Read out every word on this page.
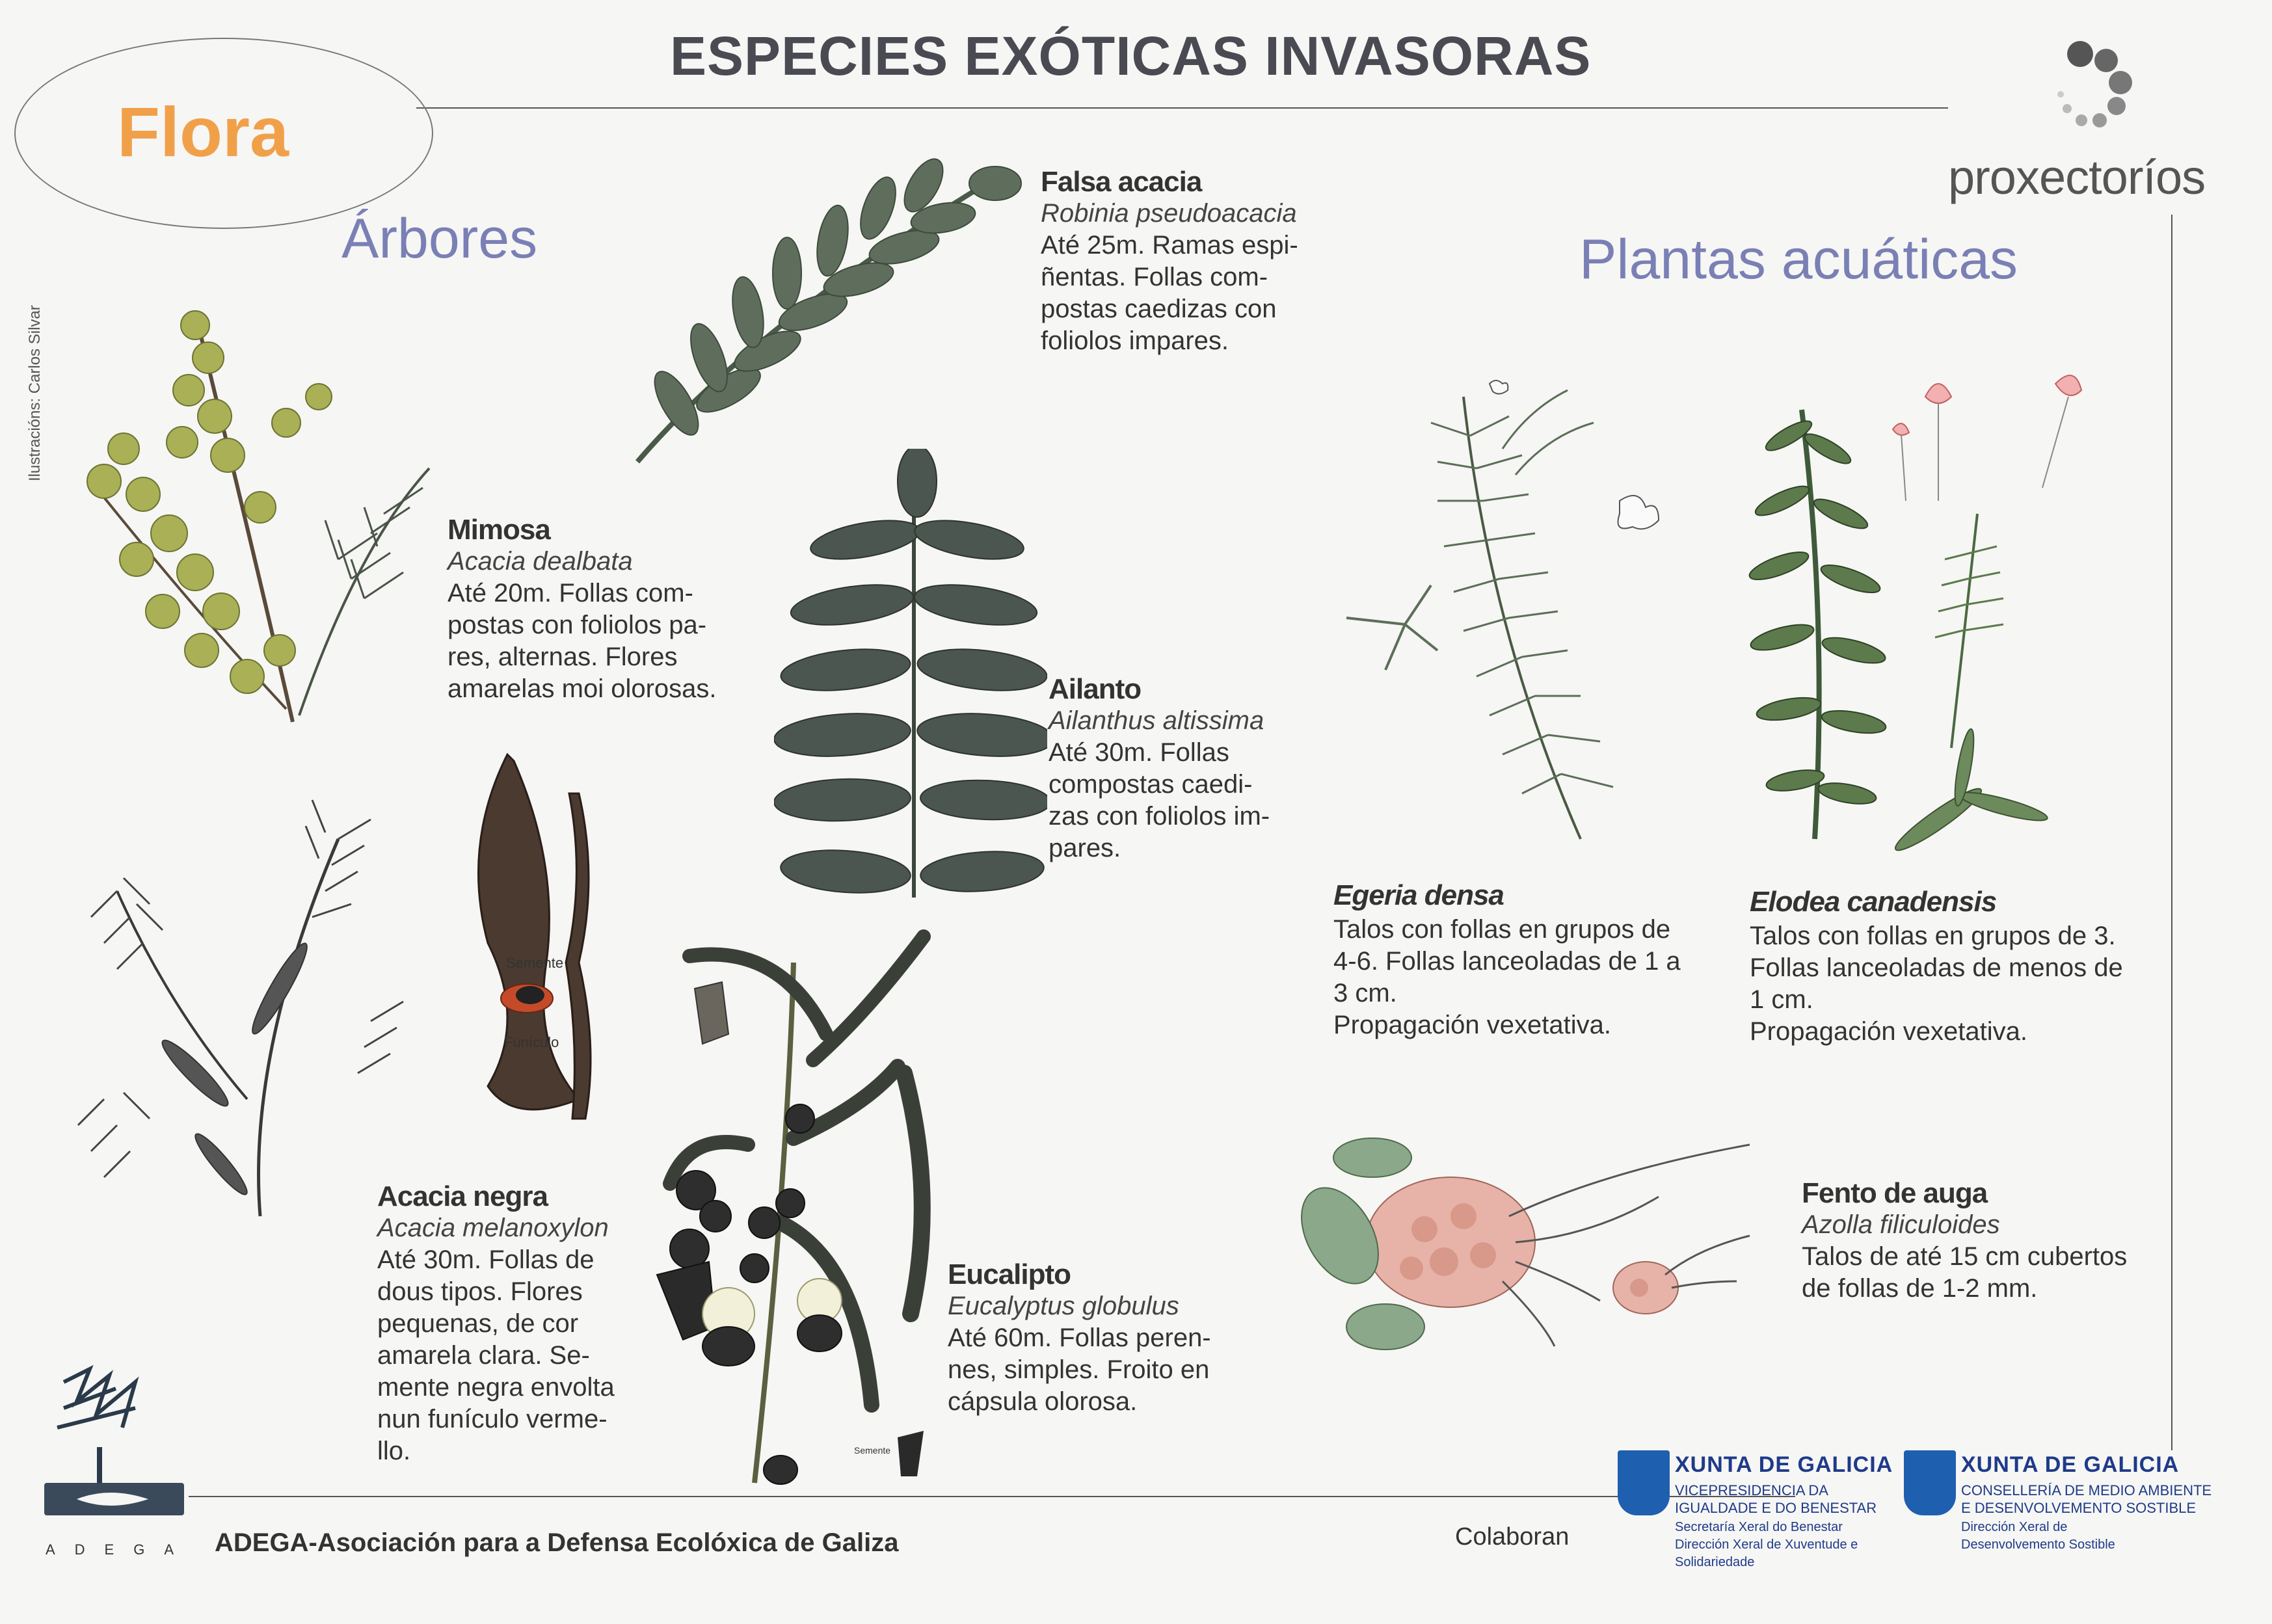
ESPECIES EXÓTICAS INVASORAS
Flora
Ilustracións: Carlos Silvar
proxectoríos
Árbores	Plantas acuáticas
Semente
Funículo
Semente
Falsa acacia
Robinia pseudoacacia
Até 25m. Ramas espi-
ñentas. Follas com-
postas caedizas con
foliolos impares.
Mimosa
Acacia dealbata
Até 20m. Follas com-
postas con foliolos pa-
res, alternas. Flores
amarelas moi olorosas.	Ailanto
Ailanthus altissima
Até 30m. Follas
compostas caedi-
zas con foliolos im-
pares.
Acacia negra
Acacia melanoxylon
Até 30m. Follas de
dous tipos. Flores
pequenas, de cor
amarela clara. Se-
mente negra envolta
nun funículo verme-
llo.
Eucalipto
Eucalyptus globulus
Até 60m. Follas peren-
nes, simples. Froito en
cápsula olorosa.
Egeria densa
Talos con follas en grupos de
4-6. Follas lanceoladas de 1 a
3 cm.
Propagación vexetativa.
Elodea canadensis
Talos con follas en grupos de 3.
Follas lanceoladas de menos de
1 cm.
Propagación vexetativa.
Fento de auga
Azolla filiculoides
Talos de até 15 cm cubertos
de follas de 1-2 mm.
ADEGA ADEGA-Asociación para a Defensa Ecolóxica de Galiza	Colaboran
XUNTA DE GALICIA
VICEPRESIDENCIA DA
IGUALDADE E DO BENESTAR
Secretaría Xeral do Benestar
Dirección Xeral de Xuventude e
Solidariedade
XUNTA DE GALICIA
CONSELLERÍA DE MEDIO AMBIENTE
E DESENVOLVEMENTO SOSTIBLE
Dirección Xeral de
Desenvolvemento Sostible
